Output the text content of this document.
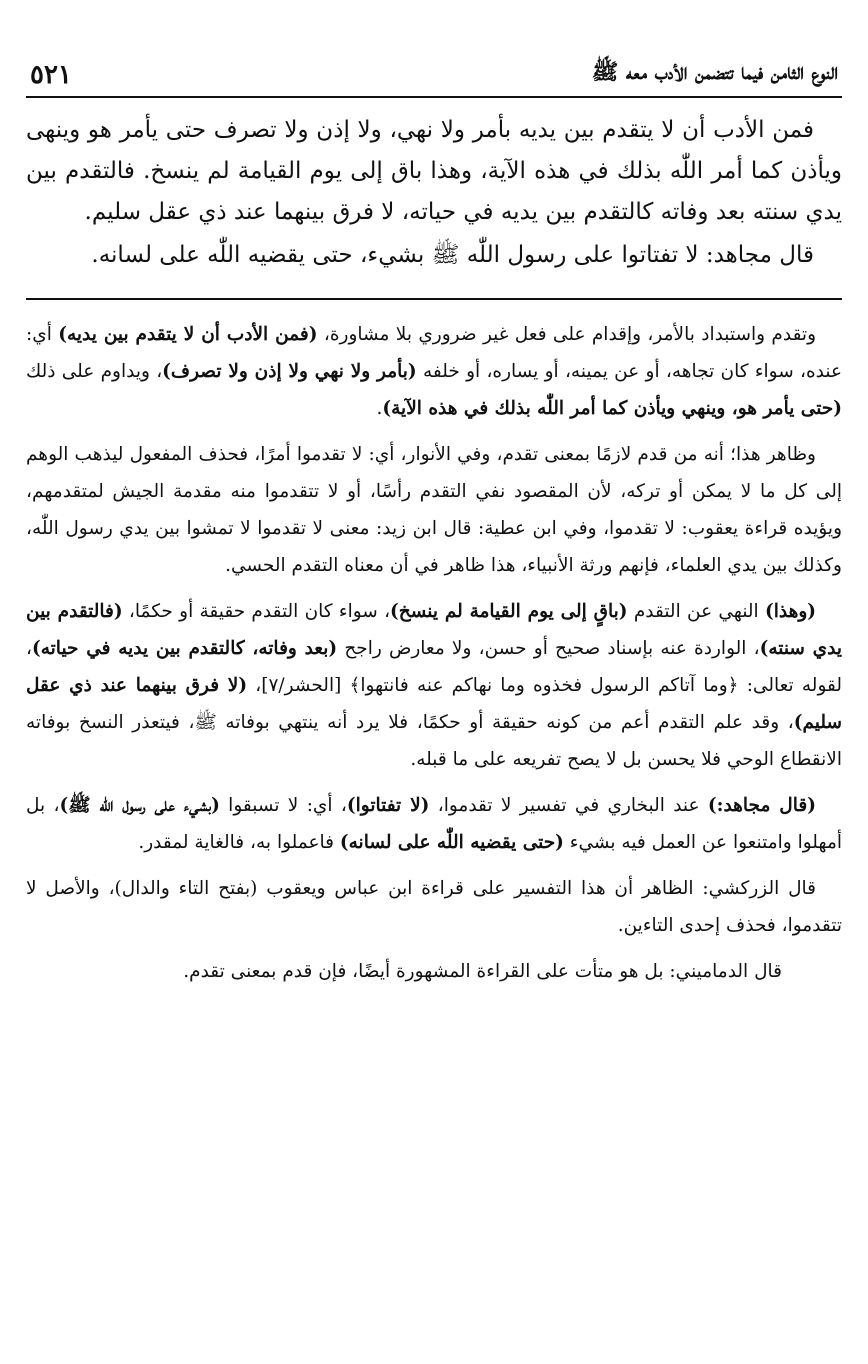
النوع الثامن فيما تتضمن الأدب معه ﷺ
٥٢١

فمن الأدب أن لا يتقدم بين يديه بأمر ولا نهي، ولا إذن ولا تصرف حتى يأمر هو وينهى ويأذن كما أمر اللّٰه بذلك في هذه الآية، وهذا باق إلى يوم القيامة لم ينسخ. فالتقدم بين يدي سنته بعد وفاته كالتقدم بين يديه في حياته، لا فرق بينهما عند ذي عقل سليم.

قال مجاهد: لا تفتاتوا على رسول اللّٰه ﷺ بشيء، حتى يقضيه اللّٰه على لسانه.

وتقدم واستبداد بالأمر، وإقدام على فعل غير ضروري بلا مشاورة، (فمن الأدب أن لا يتقدم بين يديه) أي: عنده، سواء كان تجاهه، أو عن يمينه، أو يساره، أو خلفه (بأمر ولا نهي ولا إذن ولا تصرف)، ويداوم على ذلك (حتى يأمر هو، وينهي ويأذن كما أمر اللّٰه بذلك في هذه الآية).

وظاهر هذا؛ أنه من قدم لازمًا بمعنى تقدم، وفي الأنوار، أي: لا تقدموا أمرًا، فحذف المفعول ليذهب الوهم إلى كل ما لا يمكن أو تركه، لأن المقصود نفي التقدم رأسًا، أو لا تتقدموا منه مقدمة الجيش لمتقدمهم، ويؤيده قراءة يعقوب: لا تقدموا، وفي ابن عطية: قال ابن زيد: معنى لا تقدموا لا تمشوا بين يدي رسول اللّٰه، وكذلك بين يدي العلماء، فإنهم ورثة الأنبياء، هذا ظاهر في أن معناه التقدم الحسي.

(وهذا) النهي عن التقدم (باقٍ إلى يوم القيامة لم ينسخ)، سواء كان التقدم حقيقة أو حكمًا، (فالتقدم بين يدي سنته)، الواردة عنه بإسناد صحيح أو حسن، ولا معارض راجح (بعد وفاته، كالتقدم بين يديه في حياته)، لقوله تعالى: ﴿وما آتاكم الرسول فخذوه وما نهاكم عنه فانتهوا﴾ [الحشر/٧]، (لا فرق بينهما عند ذي عقل سليم)، وقد علم التقدم أعم من كونه حقيقة أو حكمًا، فلا يرد أنه ينتهي بوفاته ﷺ، فيتعذر النسخ بوفاته الانقطاع الوحي فلا يحسن بل لا يصح تفريعه على ما قبله.

(قال مجاهد:) عند البخاري في تفسير لا تقدموا، (لا تفتاتوا)، أي: لا تسبقوا (بشيء على رسول اللّٰه ﷺ)، بل أمهلوا وامتنعوا عن العمل فيه بشيء (حتى يقضيه اللّٰه على لسانه) فاعملوا به، فالغاية لمقدر.

قال الزركشي: الظاهر أن هذا التفسير على قراءة ابن عباس ويعقوب (بفتح التاء والدال)، والأصل لا تتقدموا، فحذف إحدى التاءين.

قال الدماميني: بل هو متأت على القراءة المشهورة أيضًا، فإن قدم بمعنى تقدم.
